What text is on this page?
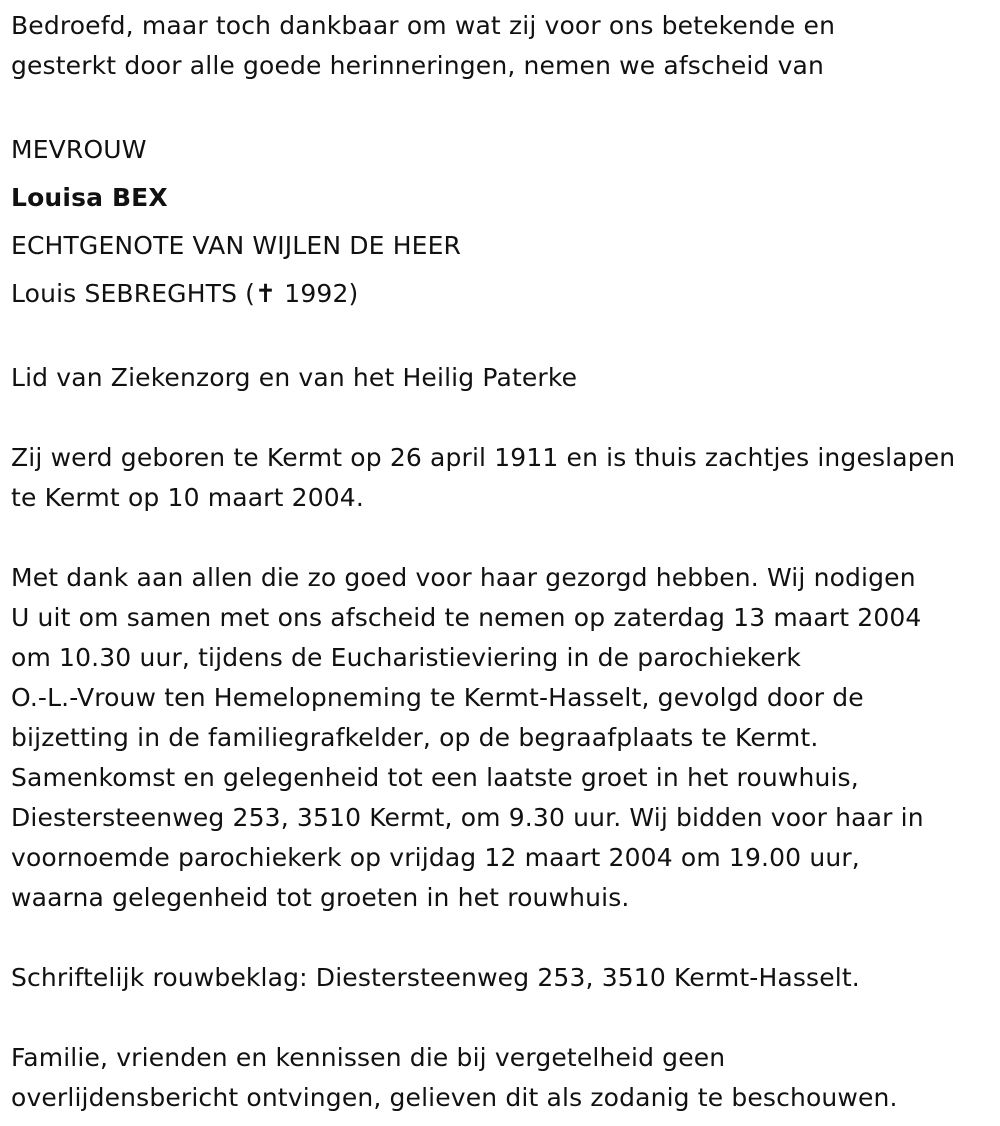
Bedroefd, maar toch dankbaar om wat zij voor ons betekende en
gesterkt door alle goede herinneringen, nemen we afscheid van

MEVROUW
Louisa BEX
ECHTGENOTE VAN WIJLEN DE HEER
Louis SEBREGHTS (✝ 1992)

Lid van Ziekenzorg en van het Heilig Paterke

Zij werd geboren te Kermt op 26 april 1911 en is thuis zachtjes ingeslapen
te Kermt op 10 maart 2004.

Met dank aan allen die zo goed voor haar gezorgd hebben. Wij nodigen
U uit om samen met ons afscheid te nemen op zaterdag 13 maart 2004
om 10.30 uur, tijdens de Eucharistieviering in de parochiekerk
O.-L.-Vrouw ten Hemelopneming te Kermt-Hasselt, gevolgd door de
bijzetting in de familiegrafkelder, op de begraafplaats te Kermt.
Samenkomst en gelegenheid tot een laatste groet in het rouwhuis,
Diestersteenweg 253, 3510 Kermt, om 9.30 uur. Wij bidden voor haar in
voornoemde parochiekerk op vrijdag 12 maart 2004 om 19.00 uur,
waarna gelegenheid tot groeten in het rouwhuis.

Schriftelijk rouwbeklag: Diestersteenweg 253, 3510 Kermt-Hasselt.

Familie, vrienden en kennissen die bij vergetelheid geen
overlijdensbericht ontvingen, gelieven dit als zodanig te beschouwen.
